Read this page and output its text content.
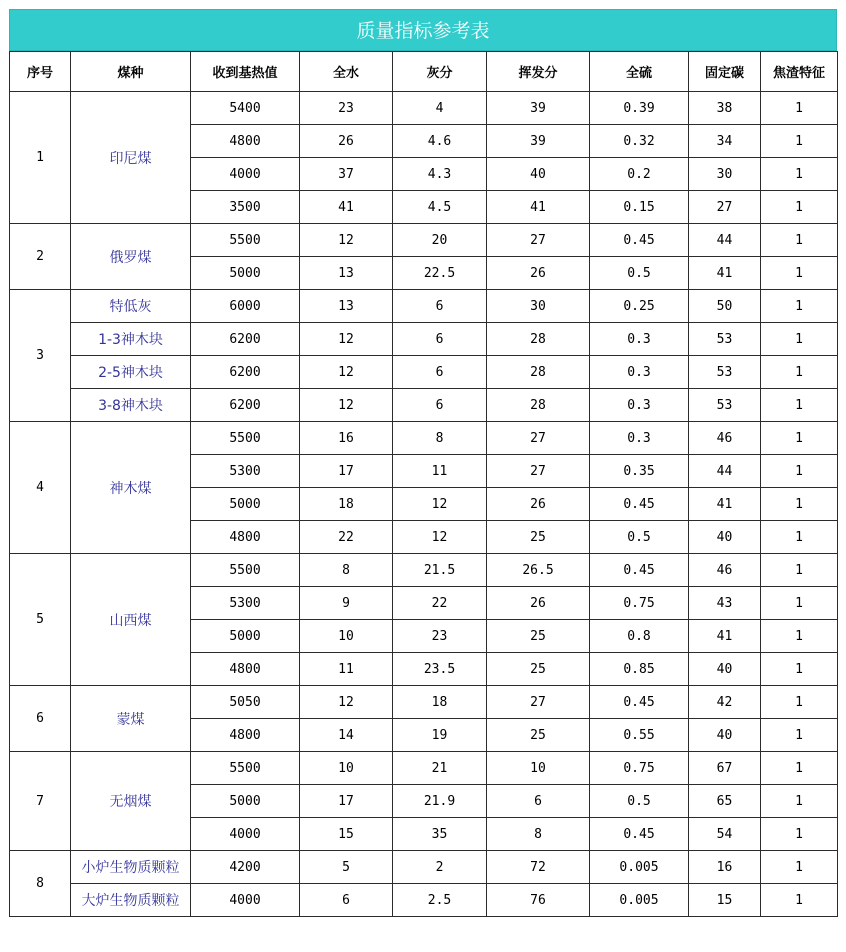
质量指标参考表
序号	煤种	收到基热值	全水	灰分	挥发分	全硫	固定碳	焦渣特征
1	印尼煤	5400	23	4	39	0.39	38	1
		4800	26	4.6	39	0.32	34	1
		4000	37	4.3	40	0.2	30	1
		3500	41	4.5	41	0.15	27	1
2	俄罗煤	5500	12	20	27	0.45	44	1
		5000	13	22.5	26	0.5	41	1
3	特低灰	6000	13	6	30	0.25	50	1
	1-3神木块	6200	12	6	28	0.3	53	1
	2-5神木块	6200	12	6	28	0.3	53	1
	3-8神木块	6200	12	6	28	0.3	53	1
4	神木煤	5500	16	8	27	0.3	46	1
		5300	17	11	27	0.35	44	1
		5000	18	12	26	0.45	41	1
		4800	22	12	25	0.5	40	1
5	山西煤	5500	8	21.5	26.5	0.45	46	1
		5300	9	22	26	0.75	43	1
		5000	10	23	25	0.8	41	1
		4800	11	23.5	25	0.85	40	1
6	蒙煤	5050	12	18	27	0.45	42	1
		4800	14	19	25	0.55	40	1
7	无烟煤	5500	10	21	10	0.75	67	1
		5000	17	21.9	6	0.5	65	1
		4000	15	35	8	0.45	54	1
8	小炉生物质颗粒	4200	5	2	72	0.005	16	1
	大炉生物质颗粒	4000	6	2.5	76	0.005	15	1
